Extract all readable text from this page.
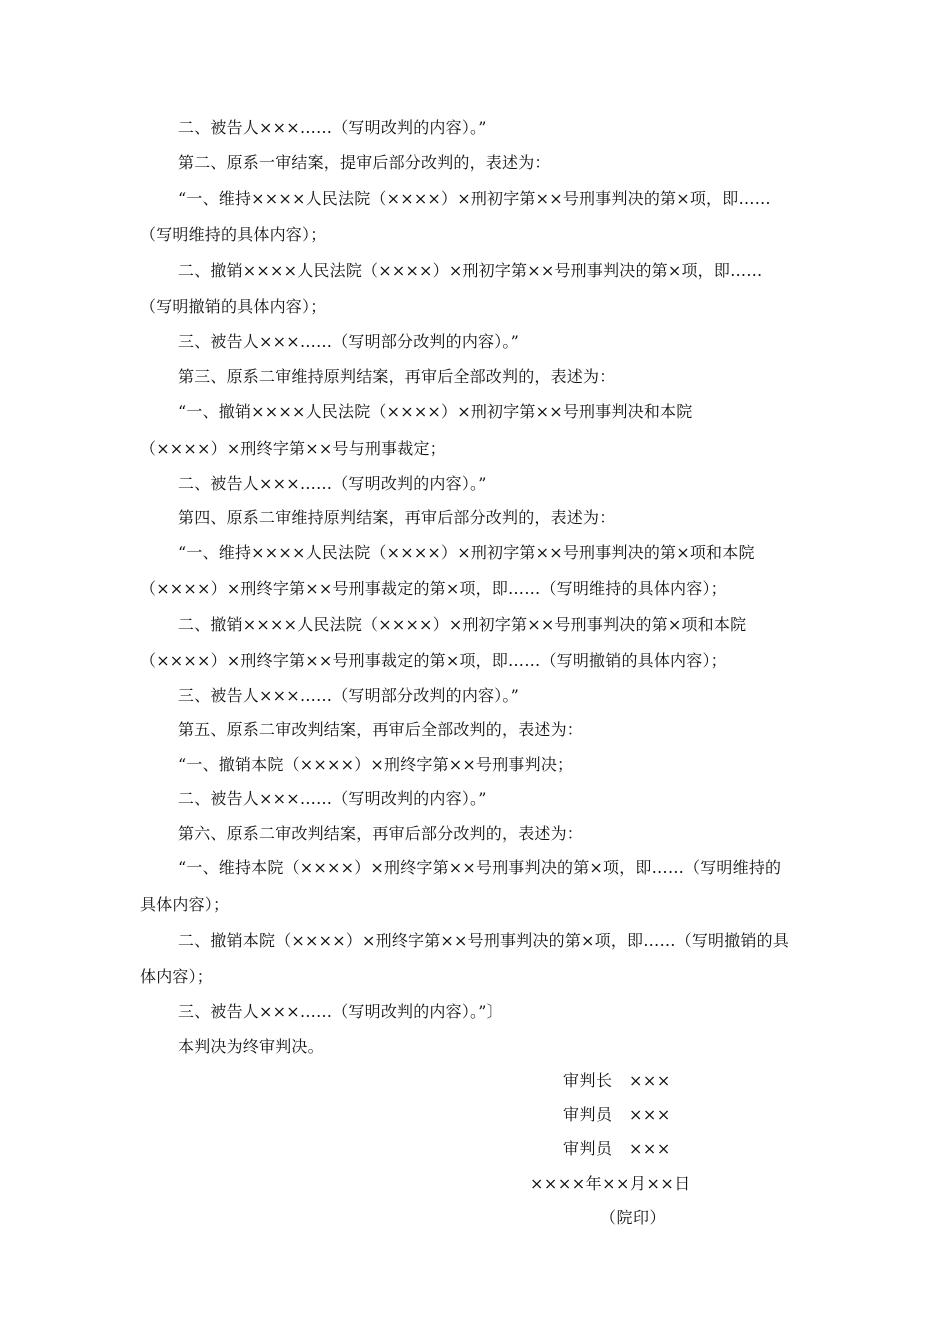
二、被告人×××……（写明改判的内容）。”
第二、原系一审结案，提审后部分改判的，表述为：
“一、维持××××人民法院（××××）×刑初字第××号刑事判决的第×项，即……
（写明维持的具体内容）；
二、撤销××××人民法院（××××）×刑初字第××号刑事判决的第×项，即……
（写明撤销的具体内容）；
三、被告人×××……（写明部分改判的内容）。”
第三、原系二审维持原判结案，再审后全部改判的，表述为：
“一、撤销××××人民法院（××××）×刑初字第××号刑事判决和本院
（××××）×刑终字第××号与刑事裁定；
二、被告人×××……（写明改判的内容）。”
第四、原系二审维持原判结案，再审后部分改判的，表述为：
“一、维持××××人民法院（××××）×刑初字第××号刑事判决的第×项和本院
（××××）×刑终字第××号刑事裁定的第×项，即……（写明维持的具体内容）；
二、撤销××××人民法院（××××）×刑初字第××号刑事判决的第×项和本院
（××××）×刑终字第××号刑事裁定的第×项，即……（写明撤销的具体内容）；
三、被告人×××……（写明部分改判的内容）。”
第五、原系二审改判结案，再审后全部改判的，表述为：
“一、撤销本院（××××）×刑终字第××号刑事判决；
二、被告人×××……（写明改判的内容）。”
第六、原系二审改判结案，再审后部分改判的，表述为：
“一、维持本院（××××）×刑终字第××号刑事判决的第×项，即……（写明维持的
具体内容）；
二、撤销本院（××××）×刑终字第××号刑事判决的第×项，即……（写明撤销的具
体内容）；
三、被告人×××……（写明改判的内容）。”〕
本判决为终审判决。
审判长　×××
审判员　×××
审判员　×××
××××年××月××日
（院印）
